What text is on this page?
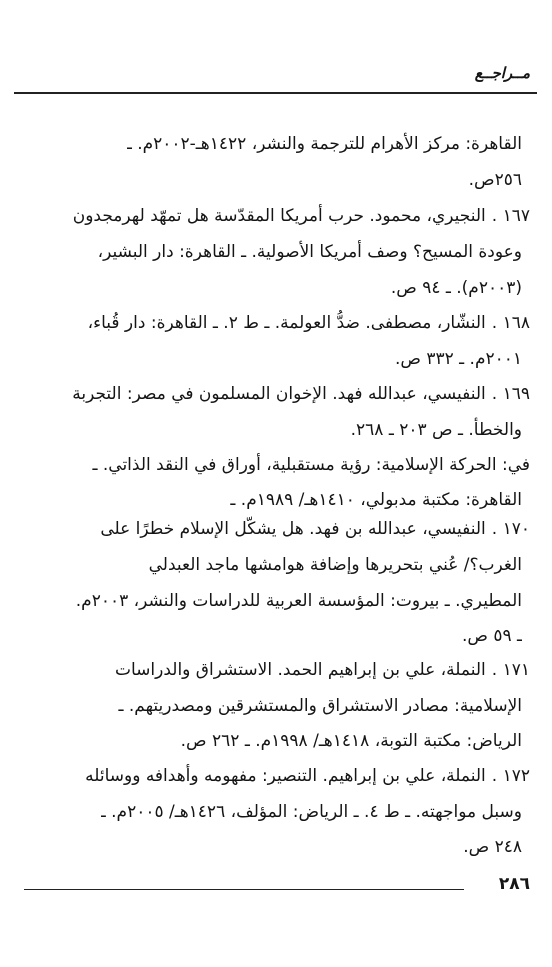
مــراجــع
القاهرة: مركز الأهرام للترجمة والنشر، ١٤٢٢هـ-٢٠٠٢م. ـ
٢٥٦ص.
١٦٧ .النجيري، محمود. حرب أمريكا المقدّسة هل تمهّد لهرمجدون
وعودة المسيح؟ وصف أمريكا الأصولية. ـ القاهرة: دار البشير،
(٢٠٠٣م). ـ ٩٤ ص.
١٦٨ .النشّار، مصطفى. ضدُّ العولمة. ـ ط ٢. ـ القاهرة: دار قُباء،
٢٠٠١م. ـ ٣٣٢ ص.
١٦٩ .النفيسي، عبدالله فهد. الإخوان المسلمون في مصر: التجربة
والخطأ. ـ ص ٢٠٣ ـ ٢٦٨.
في: الحركة الإسلامية: رؤية مستقبلية، أوراق في النقد الذاتي. ـ
القاهرة: مكتبة مدبولي، ١٤١٠هـ/ ١٩٨٩م. ـ
١٧٠ .النفيسي، عبدالله بن فهد. هل يشكّل الإسلام خطرًا على
الغرب؟/ عُني بتحريرها وإضافة هوامشها ماجد العبدلي
المطيري. ـ بيروت: المؤسسة العربية للدراسات والنشر، ٢٠٠٣م.
ـ ٥٩ ص.
١٧١ .النملة، علي بن إبراهيم الحمد. الاستشراق والدراسات
الإسلامية: مصادر الاستشراق والمستشرقين ومصدريتهم. ـ
الرياض: مكتبة التوبة، ١٤١٨هـ/ ١٩٩٨م. ـ ٢٦٢ ص.
١٧٢ .النملة، علي بن إبراهيم. التنصير: مفهومه وأهدافه ووسائله
وسبل مواجهته. ـ ط ٤. ـ الرياض: المؤلف، ١٤٢٦هـ/ ٢٠٠٥م. ـ
٢٤٨ ص.
٢٨٦
